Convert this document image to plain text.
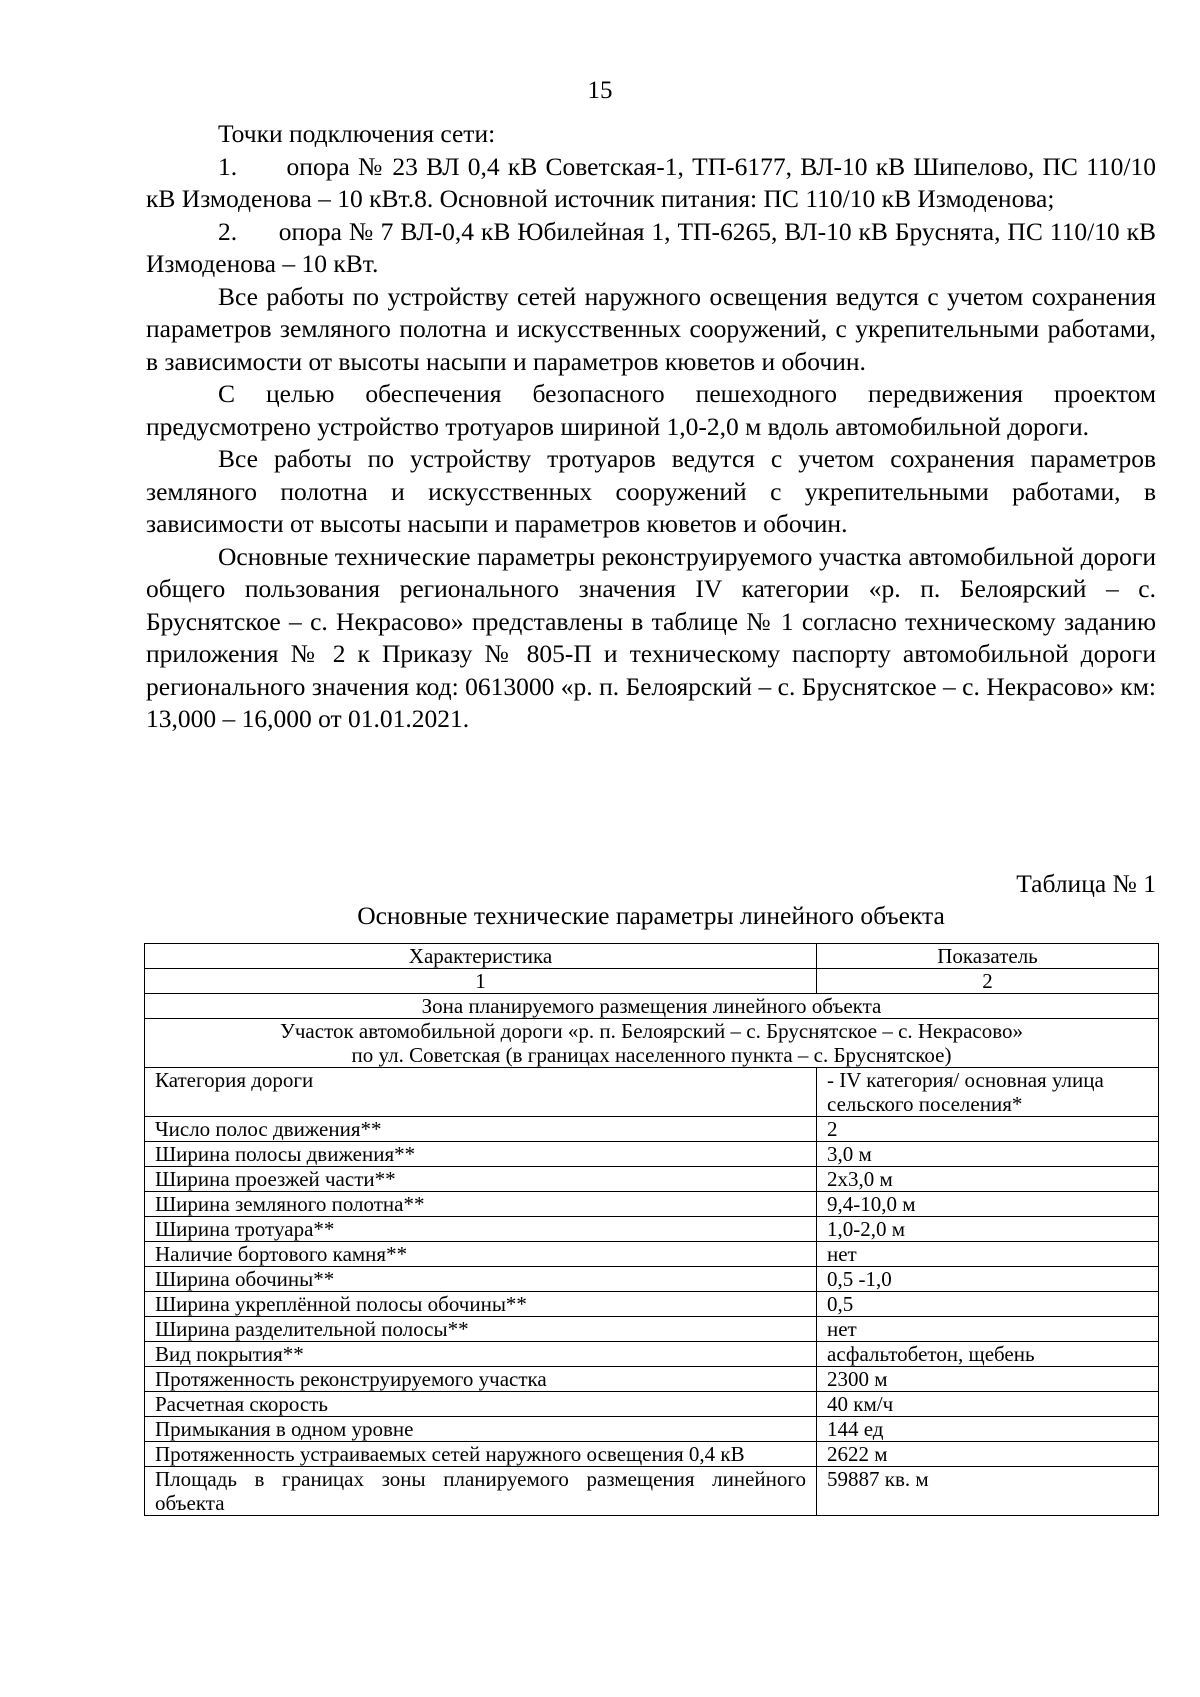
15

Точки подключения сети:

1.      опора № 23 ВЛ 0,4 кВ Советская-1, ТП-6177, ВЛ-10 кВ Шипелово, ПС 110/10 кВ Измоденова – 10 кВт.8. Основной источник питания: ПС 110/10 кВ Измоденова;

2.      опора № 7 ВЛ-0,4 кВ Юбилейная 1, ТП-6265, ВЛ-10 кВ Бруснята, ПС 110/10 кВ Измоденова – 10 кВт.

Все работы по устройству сетей наружного освещения ведутся с учетом сохранения параметров земляного полотна и искусственных сооружений, с укрепительными работами, в зависимости от высоты насыпи и параметров кюветов и обочин.

С целью обеспечения безопасного пешеходного передвижения проектом предусмотрено устройство тротуаров шириной 1,0-2,0 м вдоль автомобильной дороги.

Все работы по устройству тротуаров ведутся с учетом сохранения параметров земляного полотна и искусственных сооружений с укрепительными работами, в зависимости от высоты насыпи и параметров кюветов и обочин.

Основные технические параметры реконструируемого участка автомобильной дороги общего пользования регионального значения IV категории «р. п. Белоярский – с. Бруснятское – с. Некрасово» представлены в таблице № 1 согласно техническому заданию приложения № 2 к Приказу № 805-П и техническому паспорту автомобильной дороги регионального значения код: 0613000 «р. п. Белоярский – с. Бруснятское – с. Некрасово» км: 13,000 – 16,000 от 01.01.2021.

Таблица № 1
Основные технические параметры линейного объекта
Характеристика	Показатель
1	2
Зона планируемого размещения линейного объекта	

Участок автомобильной дороги «р. п. Белоярский – с. Бруснятское – с. Некрасово»
по ул. Советская (в границах населенного пункта – с. Бруснятское)	

Категория дороги	- IV категория/ основная улица сельского поселения*
Число полос движения**	2
Ширина полосы движения**	3,0 м
Ширина проезжей части**	2х3,0 м
Ширина земляного полотна**	9,4-10,0 м
Ширина тротуара**	1,0-2,0 м
Наличие бортового камня**	нет
Ширина обочины**	0,5 -1,0
Ширина укреплённой полосы обочины**	0,5
Ширина разделительной полосы**	нет
Вид покрытия**	асфальтобетон, щебень
Протяженность реконструируемого участка	2300 м
Расчетная скорость	40 км/ч
Примыкания в одном уровне	144 ед
Протяженность устраиваемых сетей наружного освещения 0,4 кВ	2622 м
Площадь в границах зоны планируемого размещения линейного объекта	59887 кв. м
